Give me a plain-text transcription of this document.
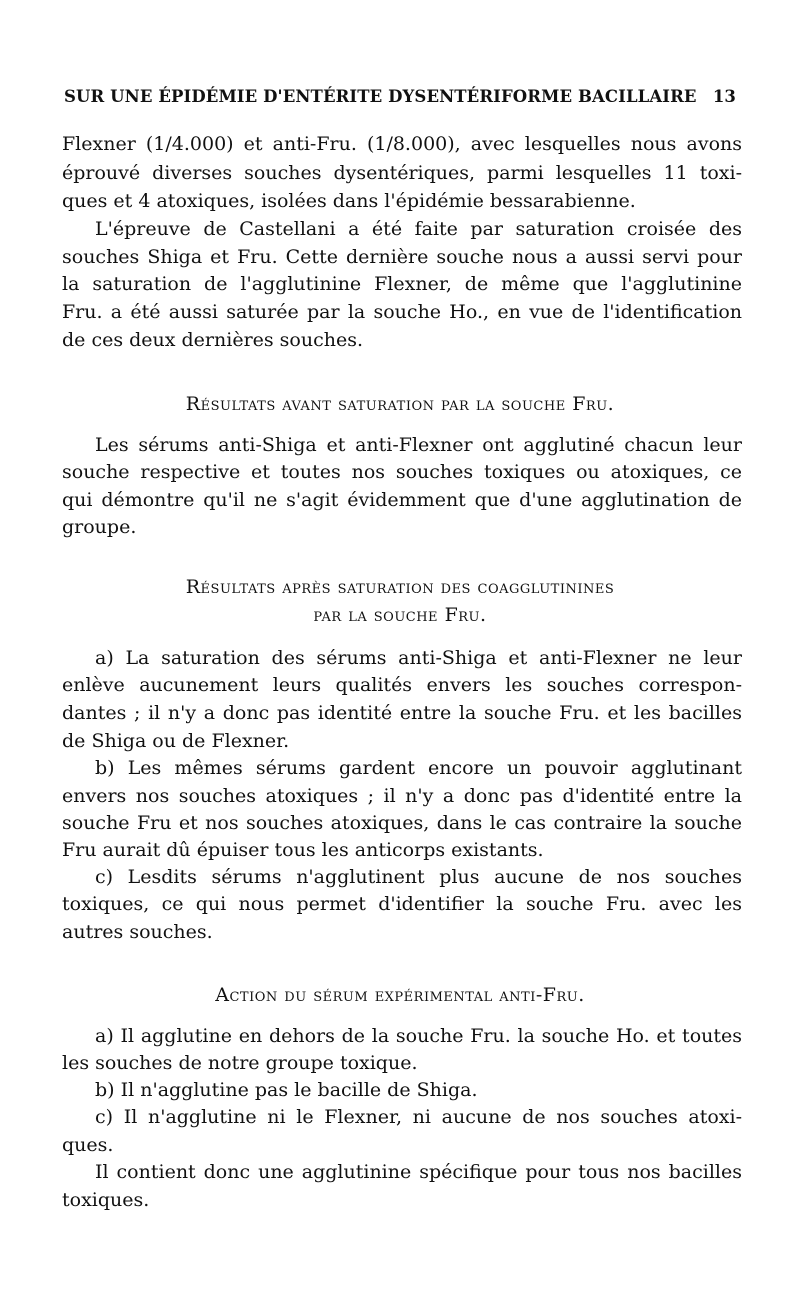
SUR UNE ÉPIDÉMIE D'ENTÉRITE DYSENTÉRIFORME BACILLAIRE 13
Flexner (1/4.000) et anti-Fru. (1/8.000), avec lesquelles nous avons
éprouvé diverses souches dysentériques, parmi lesquelles 11 toxi-
ques et 4 atoxiques, isolées dans l'épidémie bessarabienne.
L'épreuve de Castellani a été faite par saturation croisée des
souches Shiga et Fru. Cette dernière souche nous a aussi servi pour
la saturation de l'agglutinine Flexner, de même que l'agglutinine
Fru. a été aussi saturée par la souche Ho., en vue de l'identification
de ces deux dernières souches.
Résultats avant saturation par la souche Fru.
Les sérums anti-Shiga et anti-Flexner ont agglutiné chacun leur
souche respective et toutes nos souches toxiques ou atoxiques, ce
qui démontre qu'il ne s'agit évidemment que d'une agglutination de
groupe.
Résultats après saturation des coagglutinines
par la souche Fru.
a) La saturation des sérums anti-Shiga et anti-Flexner ne leur
enlève aucunement leurs qualités envers les souches correspon-
dantes ; il n'y a donc pas identité entre la souche Fru. et les bacilles
de Shiga ou de Flexner.
b) Les mêmes sérums gardent encore un pouvoir agglutinant
envers nos souches atoxiques ; il n'y a donc pas d'identité entre la
souche Fru et nos souches atoxiques, dans le cas contraire la souche
Fru aurait dû épuiser tous les anticorps existants.
c) Lesdits sérums n'agglutinent plus aucune de nos souches
toxiques, ce qui nous permet d'identifier la souche Fru. avec les
autres souches.
Action du sérum expérimental anti-Fru.
a) Il agglutine en dehors de la souche Fru. la souche Ho. et toutes
les souches de notre groupe toxique.
b) Il n'agglutine pas le bacille de Shiga.
c) Il n'agglutine ni le Flexner, ni aucune de nos souches atoxi-
ques.
Il contient donc une agglutinine spécifique pour tous nos bacilles
toxiques.
